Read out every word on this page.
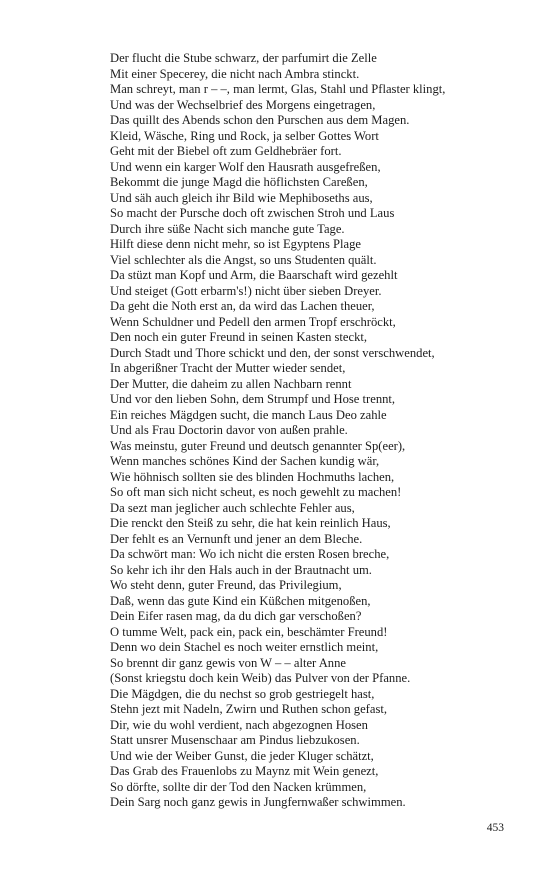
Der flucht die Stube schwarz, der parfumirt die Zelle
Mit einer Specerey, die nicht nach Ambra stinckt.
Man schreyt, man r – –, man lermt, Glas, Stahl und Pflaster klingt,
Und was der Wechselbrief des Morgens eingetragen,
Das quillt des Abends schon den Purschen aus dem Magen.
Kleid, Wäsche, Ring und Rock, ja selber Gottes Wort
Geht mit der Biebel oft zum Geldhebräer fort.
Und wenn ein karger Wolf den Hausrath ausgefreßen,
Bekommt die junge Magd die höflichsten Careßen,
Und säh auch gleich ihr Bild wie Mephiboseths aus,
So macht der Pursche doch oft zwischen Stroh und Laus
Durch ihre süße Nacht sich manche gute Tage.
Hilft diese denn nicht mehr, so ist Egyptens Plage
Viel schlechter als die Angst, so uns Studenten quält.
Da stüzt man Kopf und Arm, die Baarschaft wird gezehlt
Und steiget (Gott erbarm's!) nicht über sieben Dreyer.
Da geht die Noth erst an, da wird das Lachen theuer,
Wenn Schuldner und Pedell den armen Tropf erschröckt,
Den noch ein guter Freund in seinen Kasten steckt,
Durch Stadt und Thore schickt und den, der sonst verschwendet,
In abgerißner Tracht der Mutter wieder sendet,
Der Mutter, die daheim zu allen Nachbarn rennt
Und vor den lieben Sohn, dem Strumpf und Hose trennt,
Ein reiches Mägdgen sucht, die manch Laus Deo zahle
Und als Frau Doctorin davor von außen prahle.
Was meinstu, guter Freund und deutsch genannter Sp(eer),
Wenn manches schönes Kind der Sachen kundig wär,
Wie höhnisch sollten sie des blinden Hochmuths lachen,
So oft man sich nicht scheut, es noch gewehlt zu machen!
Da sezt man jeglicher auch schlechte Fehler aus,
Die renckt den Steiß zu sehr, die hat kein reinlich Haus,
Der fehlt es an Vernunft und jener an dem Bleche.
Da schwört man: Wo ich nicht die ersten Rosen breche,
So kehr ich ihr den Hals auch in der Brautnacht um.
Wo steht denn, guter Freund, das Privilegium,
Daß, wenn das gute Kind ein Küßchen mitgenoßen,
Dein Eifer rasen mag, da du dich gar verschoßen?
O tumme Welt, pack ein, pack ein, beschämter Freund!
Denn wo dein Stachel es noch weiter ernstlich meint,
So brennt dir ganz gewis von W – – alter Anne
(Sonst kriegstu doch kein Weib) das Pulver von der Pfanne.
Die Mägdgen, die du nechst so grob gestriegelt hast,
Stehn jezt mit Nadeln, Zwirn und Ruthen schon gefast,
Dir, wie du wohl verdient, nach abgezognen Hosen
Statt unsrer Musenschaar am Pindus liebzukosen.
Und wie der Weiber Gunst, die jeder Kluger schätzt,
Das Grab des Frauenlobs zu Maynz mit Wein genezt,
So dörfte, sollte dir der Tod den Nacken krümmen,
Dein Sarg noch ganz gewis in Jungfernwaßer schwimmen.
453
